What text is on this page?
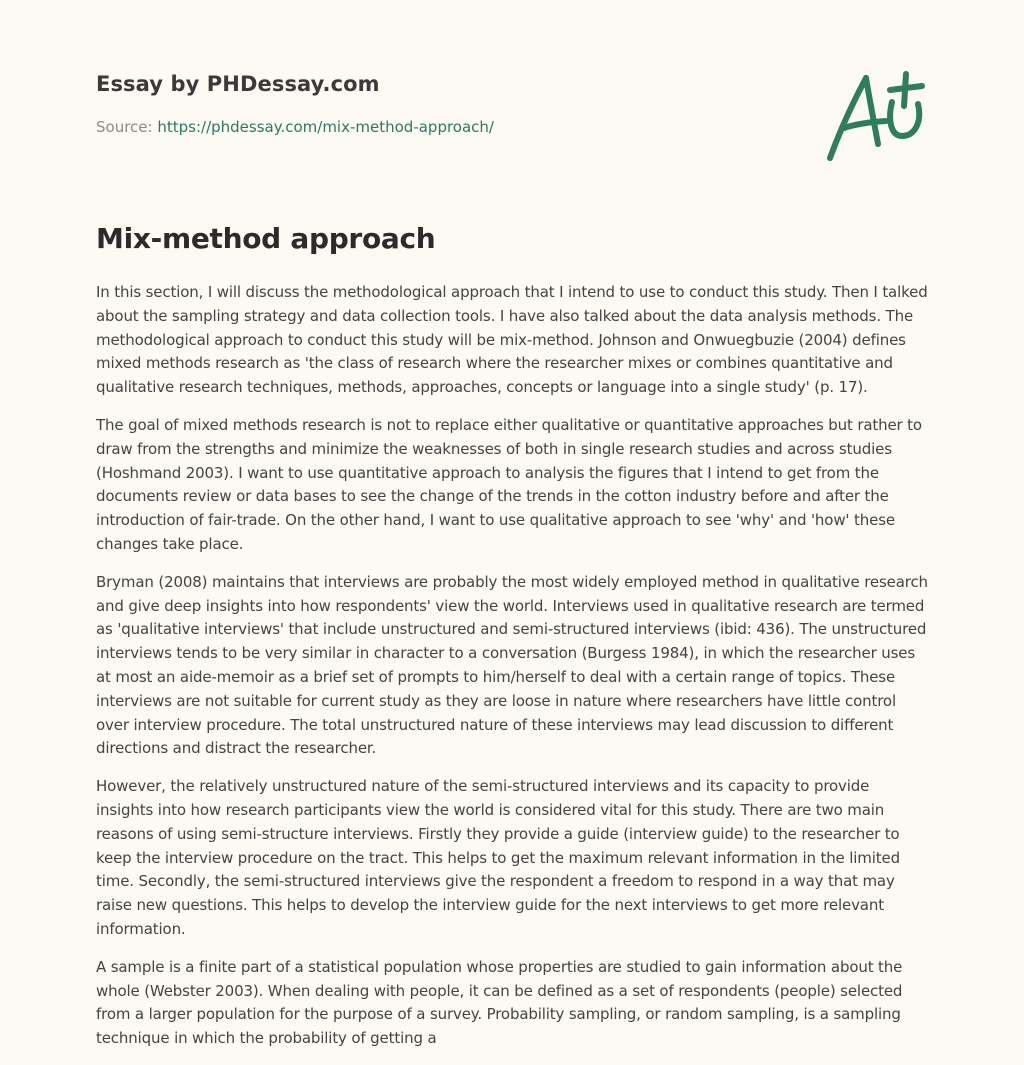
Essay by PHDessay.com
Source: https://phdessay.com/mix-method-approach/
Mix-method approach

In this section, I will discuss the methodological approach that I intend to use to conduct this study. Then I talked about the sampling strategy and data collection tools. I have also talked about the data analysis methods. The methodological approach to conduct this study will be mix-method. Johnson and Onwuegbuzie (2004) defines mixed methods research as 'the class of research where the researcher mixes or combines quantitative and qualitative research techniques, methods, approaches, concepts or language into a single study' (p. 17).

The goal of mixed methods research is not to replace either qualitative or quantitative approaches but rather to draw from the strengths and minimize the weaknesses of both in single research studies and across studies (Hoshmand 2003). I want to use quantitative approach to analysis the figures that I intend to get from the documents review or data bases to see the change of the trends in the cotton industry before and after the introduction of fair-trade. On the other hand, I want to use qualitative approach to see 'why' and 'how' these changes take place.

Bryman (2008) maintains that interviews are probably the most widely employed method in qualitative research and give deep insights into how respondents' view the world. Interviews used in qualitative research are termed as 'qualitative interviews' that include unstructured and semi-structured interviews (ibid: 436). The unstructured interviews tends to be very similar in character to a conversation (Burgess 1984), in which the researcher uses at most an aide-memoir as a brief set of prompts to him/herself to deal with a certain range of topics. These interviews are not suitable for current study as they are loose in nature where researchers have little control over interview procedure. The total unstructured nature of these interviews may lead discussion to different directions and distract the researcher.

However, the relatively unstructured nature of the semi-structured interviews and its capacity to provide insights into how research participants view the world is considered vital for this study. There are two main reasons of using semi-structure interviews. Firstly they provide a guide (interview guide) to the researcher to keep the interview procedure on the tract. This helps to get the maximum relevant information in the limited time. Secondly, the semi-structured interviews give the respondent a freedom to respond in a way that may raise new questions. This helps to develop the interview guide for the next interviews to get more relevant information.

A sample is a finite part of a statistical population whose properties are studied to gain information about the whole (Webster 2003). When dealing with people, it can be defined as a set of respondents (people) selected from a larger population for the purpose of a survey. Probability sampling, or random sampling, is a sampling technique in which the probability of getting a
